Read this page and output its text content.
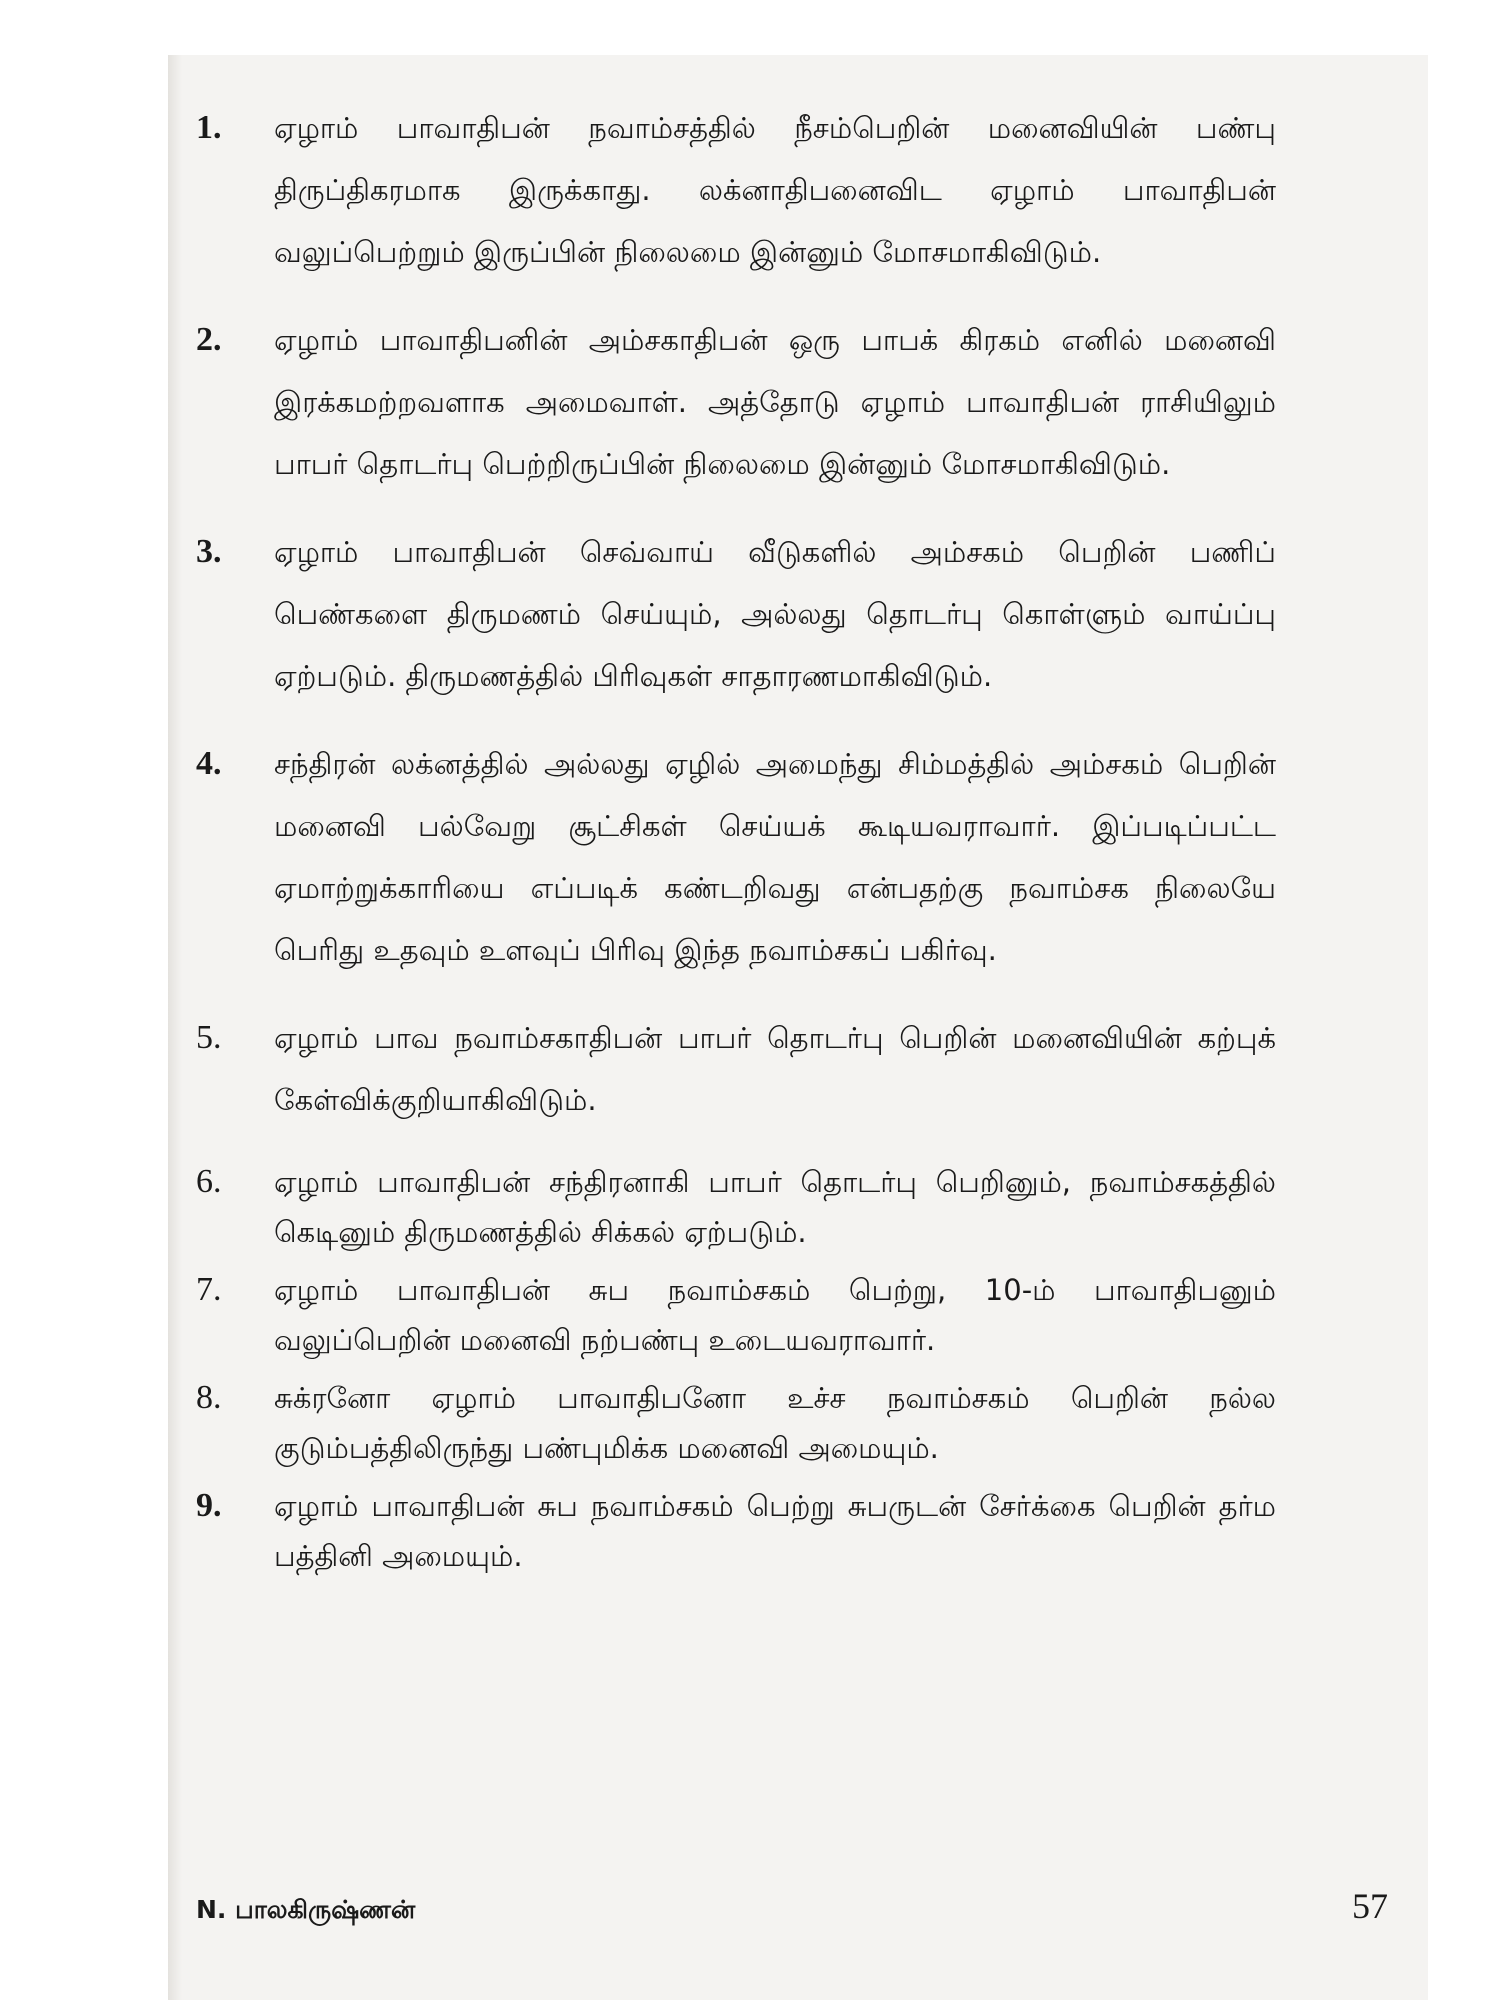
1. ஏழாம் பாவாதிபன் நவாம்சத்தில் நீசம்பெறின் மனைவியின் பண்பு திருப்திகரமாக இருக்காது. லக்னாதிபனைவிட ஏழாம் பாவாதிபன் வலுப்பெற்றும் இருப்பின் நிலைமை இன்னும் மோசமாகிவிடும்.
2. ஏழாம் பாவாதிபனின் அம்சகாதிபன் ஒரு பாபக் கிரகம் எனில் மனைவி இரக்கமற்றவளாக அமைவாள். அத்தோடு ஏழாம் பாவாதிபன் ராசியிலும் பாபர் தொடர்பு பெற்றிருப்பின் நிலைமை இன்னும் மோசமாகிவிடும்.
3. ஏழாம் பாவாதிபன் செவ்வாய் வீடுகளில் அம்சகம் பெறின் பணிப் பெண்களை திருமணம் செய்யும், அல்லது தொடர்பு கொள்ளும் வாய்ப்பு ஏற்படும். திருமணத்தில் பிரிவுகள் சாதாரணமாகிவிடும்.
4. சந்திரன் லக்னத்தில் அல்லது ஏழில் அமைந்து சிம்மத்தில் அம்சகம் பெறின் மனைவி பல்வேறு சூட்சிகள் செய்யக் கூடியவராவார். இப்படிப்பட்ட ஏமாற்றுக்காரியை எப்படிக் கண்டறிவது என்பதற்கு நவாம்சக நிலையே பெரிது உதவும் உளவுப் பிரிவு இந்த நவாம்சகப் பகிர்வு.
5. ஏழாம் பாவ நவாம்சகாதிபன் பாபர் தொடர்பு பெறின் மனைவியின் கற்புக் கேள்விக்குறியாகிவிடும்.
6. ஏழாம் பாவாதிபன் சந்திரனாகி பாபர் தொடர்பு பெறினும், நவாம்சகத்தில் கெடினும் திருமணத்தில் சிக்கல் ஏற்படும்.
7. ஏழாம் பாவாதிபன் சுப நவாம்சகம் பெற்று, 10-ம் பாவாதிபனும் வலுப்பெறின் மனைவி நற்பண்பு உடையவராவார்.
8. சுக்ரனோ ஏழாம் பாவாதிபனோ உச்ச நவாம்சகம் பெறின் நல்ல குடும்பத்திலிருந்து பண்புமிக்க மனைவி அமையும்.
9. ஏழாம் பாவாதிபன் சுப நவாம்சகம் பெற்று சுபருடன் சேர்க்கை பெறின் தர்ம பத்தினி அமையும்.
N. பாலகிருஷ்ணன்	57
